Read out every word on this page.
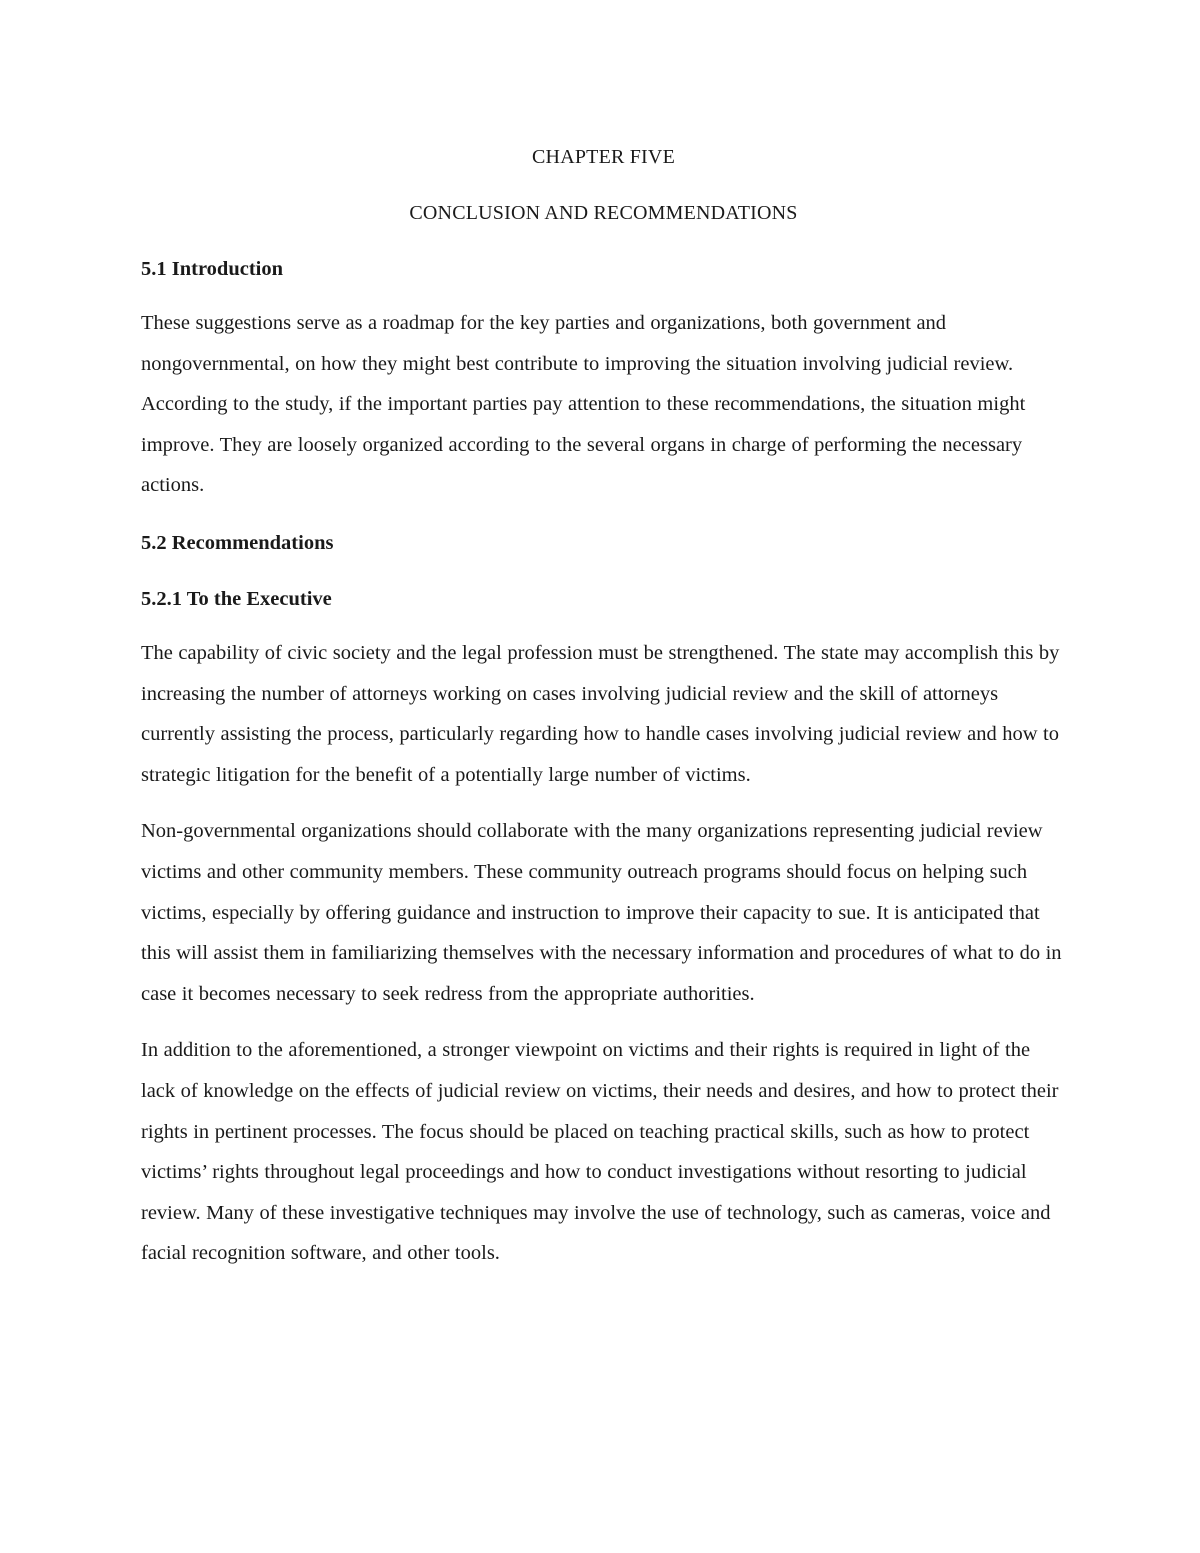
CHAPTER FIVE

CONCLUSION AND RECOMMENDATIONS

5.1 Introduction

These suggestions serve as a roadmap for the key parties and organizations, both government and nongovernmental, on how they might best contribute to improving the situation involving judicial review. According to the study, if the important parties pay attention to these recommendations, the situation might improve. They are loosely organized according to the several organs in charge of performing the necessary actions.

5.2 Recommendations

5.2.1 To the Executive

The capability of civic society and the legal profession must be strengthened. The state may accomplish this by increasing the number of attorneys working on cases involving judicial review and the skill of attorneys currently assisting the process, particularly regarding how to handle cases involving judicial review and how to strategic litigation for the benefit of a potentially large number of victims.

Non-governmental organizations should collaborate with the many organizations representing judicial review victims and other community members. These community outreach programs should focus on helping such victims, especially by offering guidance and instruction to improve their capacity to sue. It is anticipated that this will assist them in familiarizing themselves with the necessary information and procedures of what to do in case it becomes necessary to seek redress from the appropriate authorities.

In addition to the aforementioned, a stronger viewpoint on victims and their rights is required in light of the lack of knowledge on the effects of judicial review on victims, their needs and desires, and how to protect their rights in pertinent processes. The focus should be placed on teaching practical skills, such as how to protect victims’ rights throughout legal proceedings and how to conduct investigations without resorting to judicial review. Many of these investigative techniques may involve the use of technology, such as cameras, voice and facial recognition software, and other tools.
